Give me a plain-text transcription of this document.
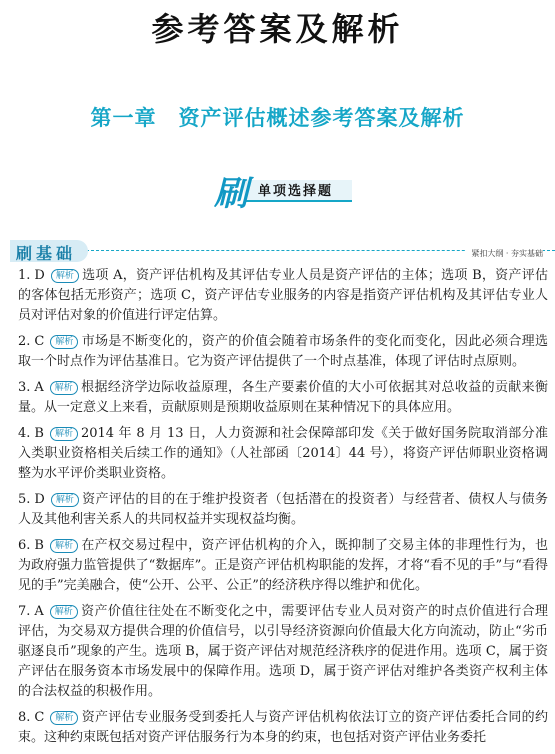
参考答案及解析
第一章　资产评估概述参考答案及解析
刷 单项选择题
刷基础	紧扣大纲 · 夯实基础

1. D 解析 选项 A，资产评估机构及其评估专业人员是资产评估的主体；选项 B，资产评估的客体包括无形资产；选项 C，资产评估专业服务的内容是指资产评估机构及其评估专业人员对评估对象的价值进行评定估算。

2. C 解析 市场是不断变化的，资产的价值会随着市场条件的变化而变化，因此必须合理选取一个时点作为评估基准日。它为资产评估提供了一个时点基准，体现了评估时点原则。

3. A 解析 根据经济学边际收益原理，各生产要素价值的大小可依据其对总收益的贡献来衡量。从一定意义上来看，贡献原则是预期收益原则在某种情况下的具体应用。

4. B 解析 2014 年 8 月 13 日，人力资源和社会保障部印发《关于做好国务院取消部分准入类职业资格相关后续工作的通知》（人社部函〔2014〕44 号），将资产评估师职业资格调整为水平评价类职业资格。

5. D 解析 资产评估的目的在于维护投资者（包括潜在的投资者）与经营者、债权人与债务人及其他利害关系人的共同权益并实现权益均衡。

6. B 解析 在产权交易过程中，资产评估机构的介入，既抑制了交易主体的非理性行为，也为政府强力监管提供了“数据库”。正是资产评估机构职能的发挥，才将“看不见的手”与“看得见的手”完美融合，使“公开、公平、公正”的经济秩序得以维护和优化。

7. A 解析 资产价值往往处在不断变化之中，需要评估专业人员对资产的时点价值进行合理评估，为交易双方提供合理的价值信号，以引导经济资源向价值最大化方向流动，防止“劣币驱逐良币”现象的产生。选项 B，属于资产评估对规范经济秩序的促进作用。选项 C，属于资产评估在服务资本市场发展中的保障作用。选项 D，属于资产评估对维护各类资产权利主体的合法权益的积极作用。

8. C 解析 资产评估专业服务受到委托人与资产评估机构依法订立的资产评估委托合同的约束。这种约束既包括对资产评估服务行为本身的约束，也包括对资产评估业务委托
